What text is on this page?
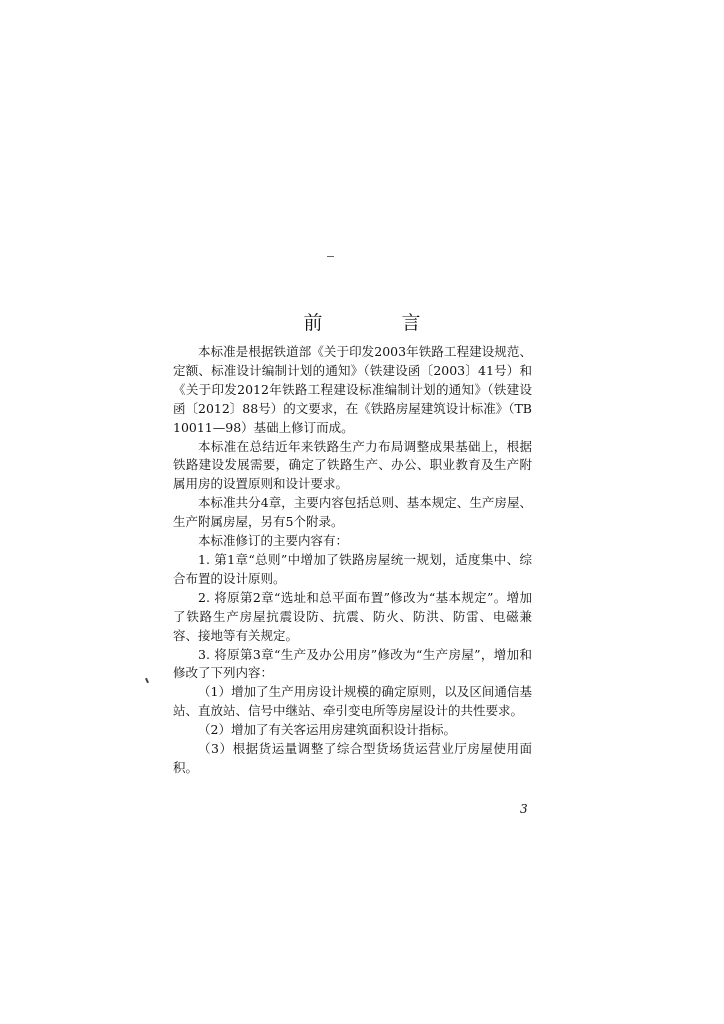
前　言

本标准是根据铁道部《关于印发2003年铁路工程建设规范、定额、标准设计编制计划的通知》（铁建设函〔2003〕41号）和《关于印发2012年铁路工程建设标准编制计划的通知》（铁建设函〔2012〕88号）的文要求，在《铁路房屋建筑设计标准》（TB 10011—98）基础上修订而成。

本标准在总结近年来铁路生产力布局调整成果基础上，根据铁路建设发展需要，确定了铁路生产、办公、职业教育及生产附属用房的设置原则和设计要求。

本标准共分4章，主要内容包括总则、基本规定、生产房屋、生产附属房屋，另有5个附录。

本标准修订的主要内容有：

1. 第1章“总则”中增加了铁路房屋统一规划，适度集中、综合布置的设计原则。

2. 将原第2章“选址和总平面布置”修改为“基本规定”。增加了铁路生产房屋抗震设防、抗震、防火、防洪、防雷、电磁兼容、接地等有关规定。

3. 将原第3章“生产及办公用房”修改为“生产房屋”，增加和修改了下列内容：

（1）增加了生产用房设计规模的确定原则，以及区间通信基站、直放站、信号中继站、牵引变电所等房屋设计的共性要求。

（2）增加了有关客运用房建筑面积设计指标。

（3）根据货运量调整了综合型货场货运营业厅房屋使用面积。

3
